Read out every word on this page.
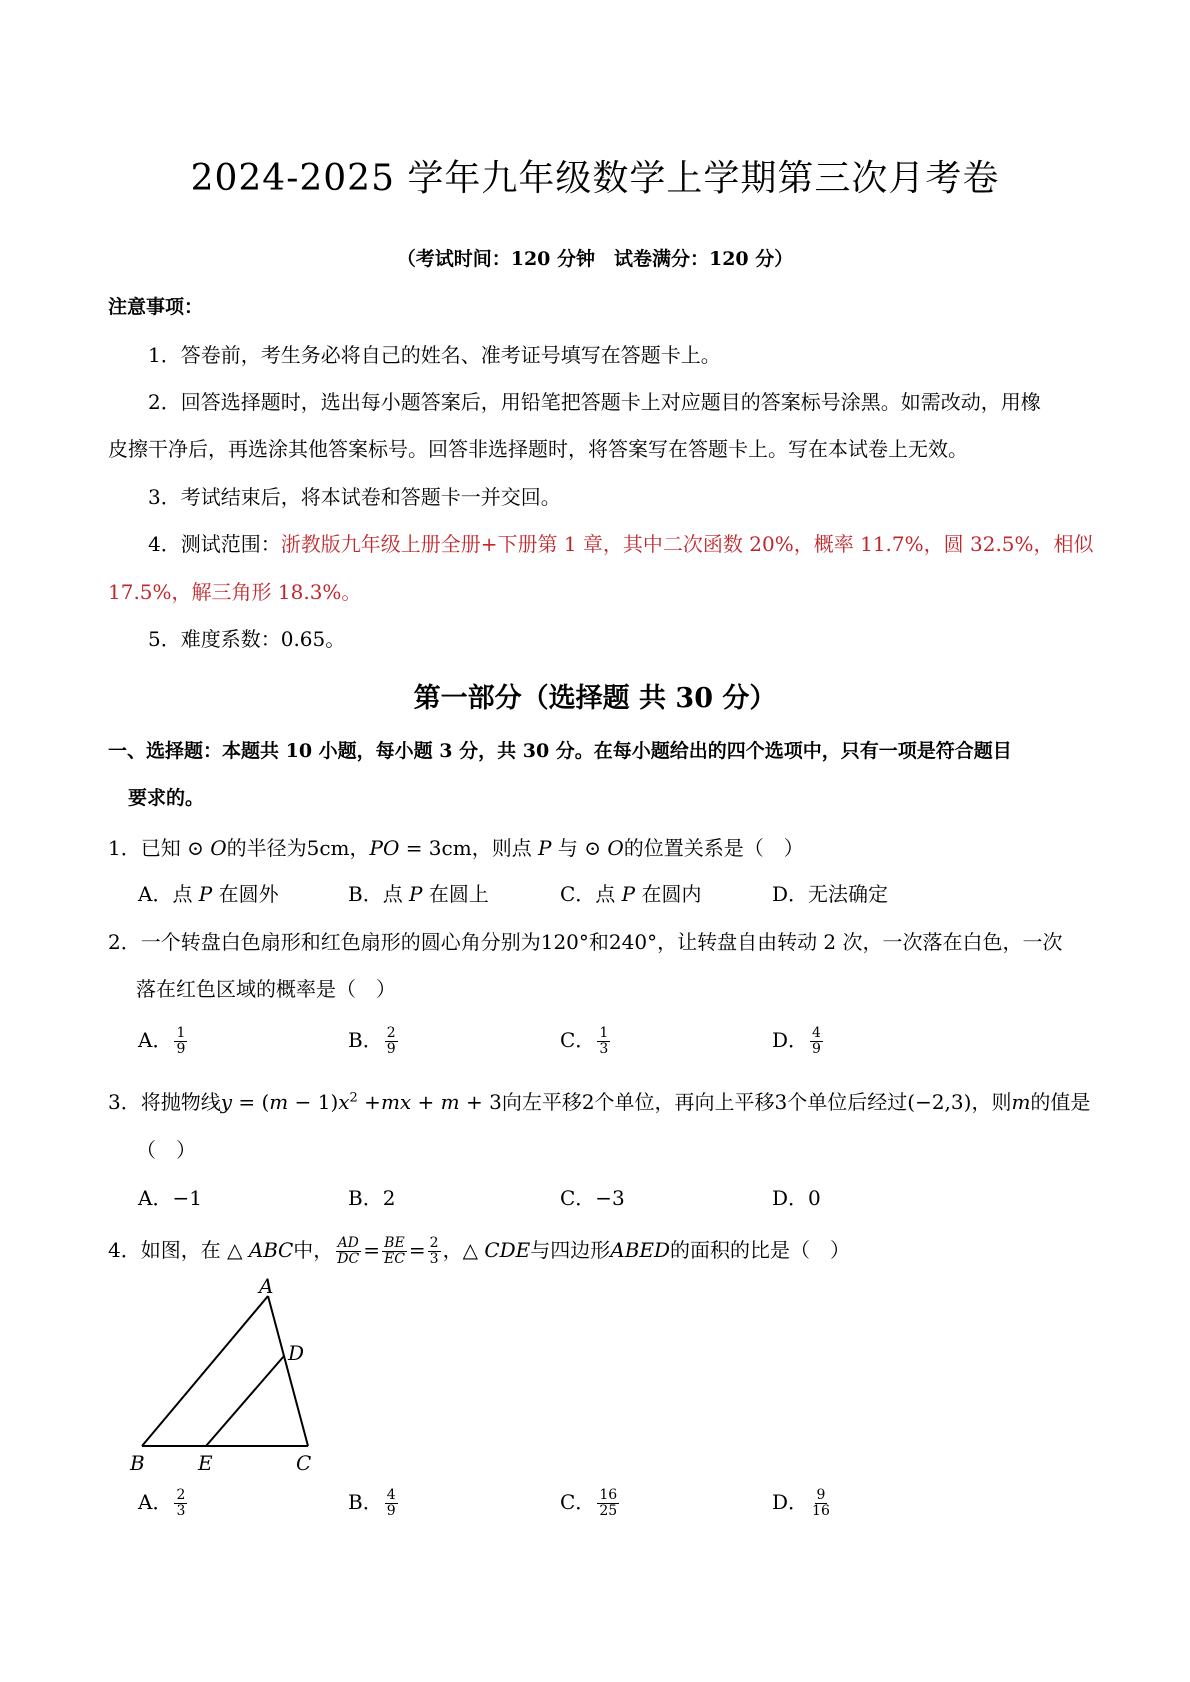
2024-2025 学年九年级数学上学期第三次月考卷
（考试时间：120 分钟　试卷满分：120 分）
注意事项：
1．答卷前，考生务必将自己的姓名、准考证号填写在答题卡上。
2．回答选择题时，选出每小题答案后，用铅笔把答题卡上对应题目的答案标号涂黑。如需改动，用橡
皮擦干净后，再选涂其他答案标号。回答非选择题时，将答案写在答题卡上。写在本试卷上无效。
3．考试结束后，将本试卷和答题卡一并交回。
4．测试范围：浙教版九年级上册全册+下册第 1 章，其中二次函数 20%，概率 11.7%，圆 32.5%，相似
17.5%，解三角形 18.3%。
5．难度系数：0.65。
第一部分（选择题 共 30 分）
一、选择题：本题共 10 小题，每小题 3 分，共 30 分。在每小题给出的四个选项中，只有一项是符合题目
要求的。
1．已知 ⊙ 𝑂的半径为5cm，𝑃𝑂 = 3cm，则点 𝑃 与 ⊙ 𝑂的位置关系是（　）
A．点 𝑃 在圆外	B．点 𝑃 在圆上	C．点 𝑃 在圆内	D．无法确定
2．一个转盘白色扇形和红色扇形的圆心角分别为120°和240°，让转盘自由转动 2 次，一次落在白色，一次
落在红色区域的概率是（　）
A． $\frac{1}{9}$	B． $\frac{2}{9}$	C． $\frac{1}{3}$	D． $\frac{4}{9}$
3．将抛物线𝑦 = (𝑚 − 1)𝑥$^2$ +𝑚𝑥 + 𝑚 + 3向左平移2个单位，再向上平移3个单位后经过(−2,3)，则𝑚的值是
（　）
A．−1	B．2	C．−3	D．0
4．如图，在 △ 𝐴𝐵𝐶中， $\frac{\text{𝐴𝐷}}{\text{𝐷𝐶}} = \frac{\text{𝐵𝐸}}{\text{𝐸𝐶}} = \frac{2}{3}$ ，△ 𝐶𝐷𝐸与四边形𝐴𝐵𝐸𝐷的面积的比是（　）
A
D
B	E	C
A． $\frac{2}{3}$	B． $\frac{4}{9}$	C． $\frac{16}{25}$	D． $\frac{9}{16}$
